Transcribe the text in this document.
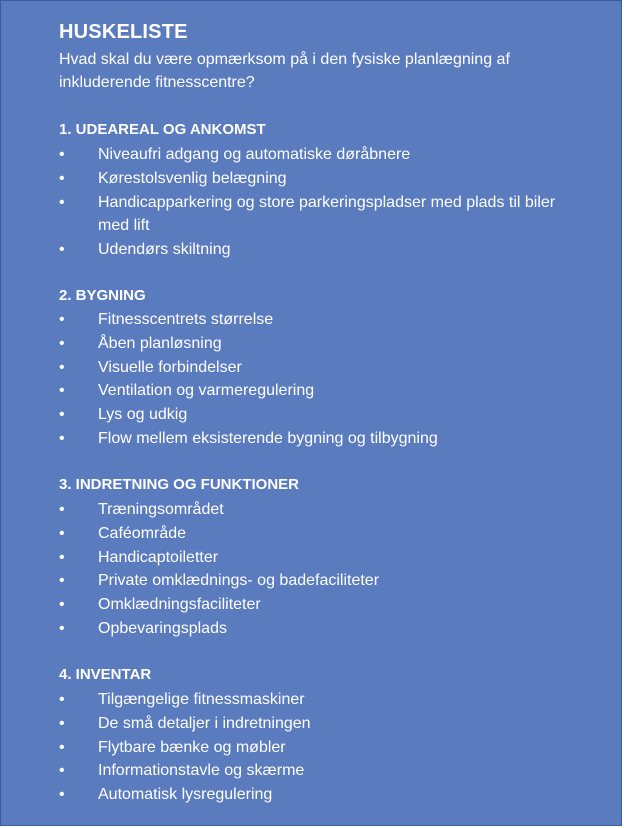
HUSKELISTE
Hvad skal du være opmærksom på i den fysiske planlægning af inkluderende fitnesscentre?
1. UDEAREAL OG ANKOMST
• Niveaufri adgang og automatiske døråbnere
• Kørestolsvenlig belægning
• Handicapparkering og store parkeringspladser med plads til biler med lift
• Udendørs skiltning
2. BYGNING
• Fitnesscentrets størrelse
• Åben planløsning
• Visuelle forbindelser
• Ventilation og varmeregulering
• Lys og udkig
• Flow mellem eksisterende bygning og tilbygning
3. INDRETNING OG FUNKTIONER
• Træningsområdet
• Caféområde
• Handicaptoiletter
• Private omklædnings- og badefaciliteter
• Omklædningsfaciliteter
• Opbevaringsplads
4. INVENTAR
• Tilgængelige fitnessmaskiner
• De små detaljer i indretningen
• Flytbare bænke og møbler
• Informationstavle og skærme
• Automatisk lysregulering
